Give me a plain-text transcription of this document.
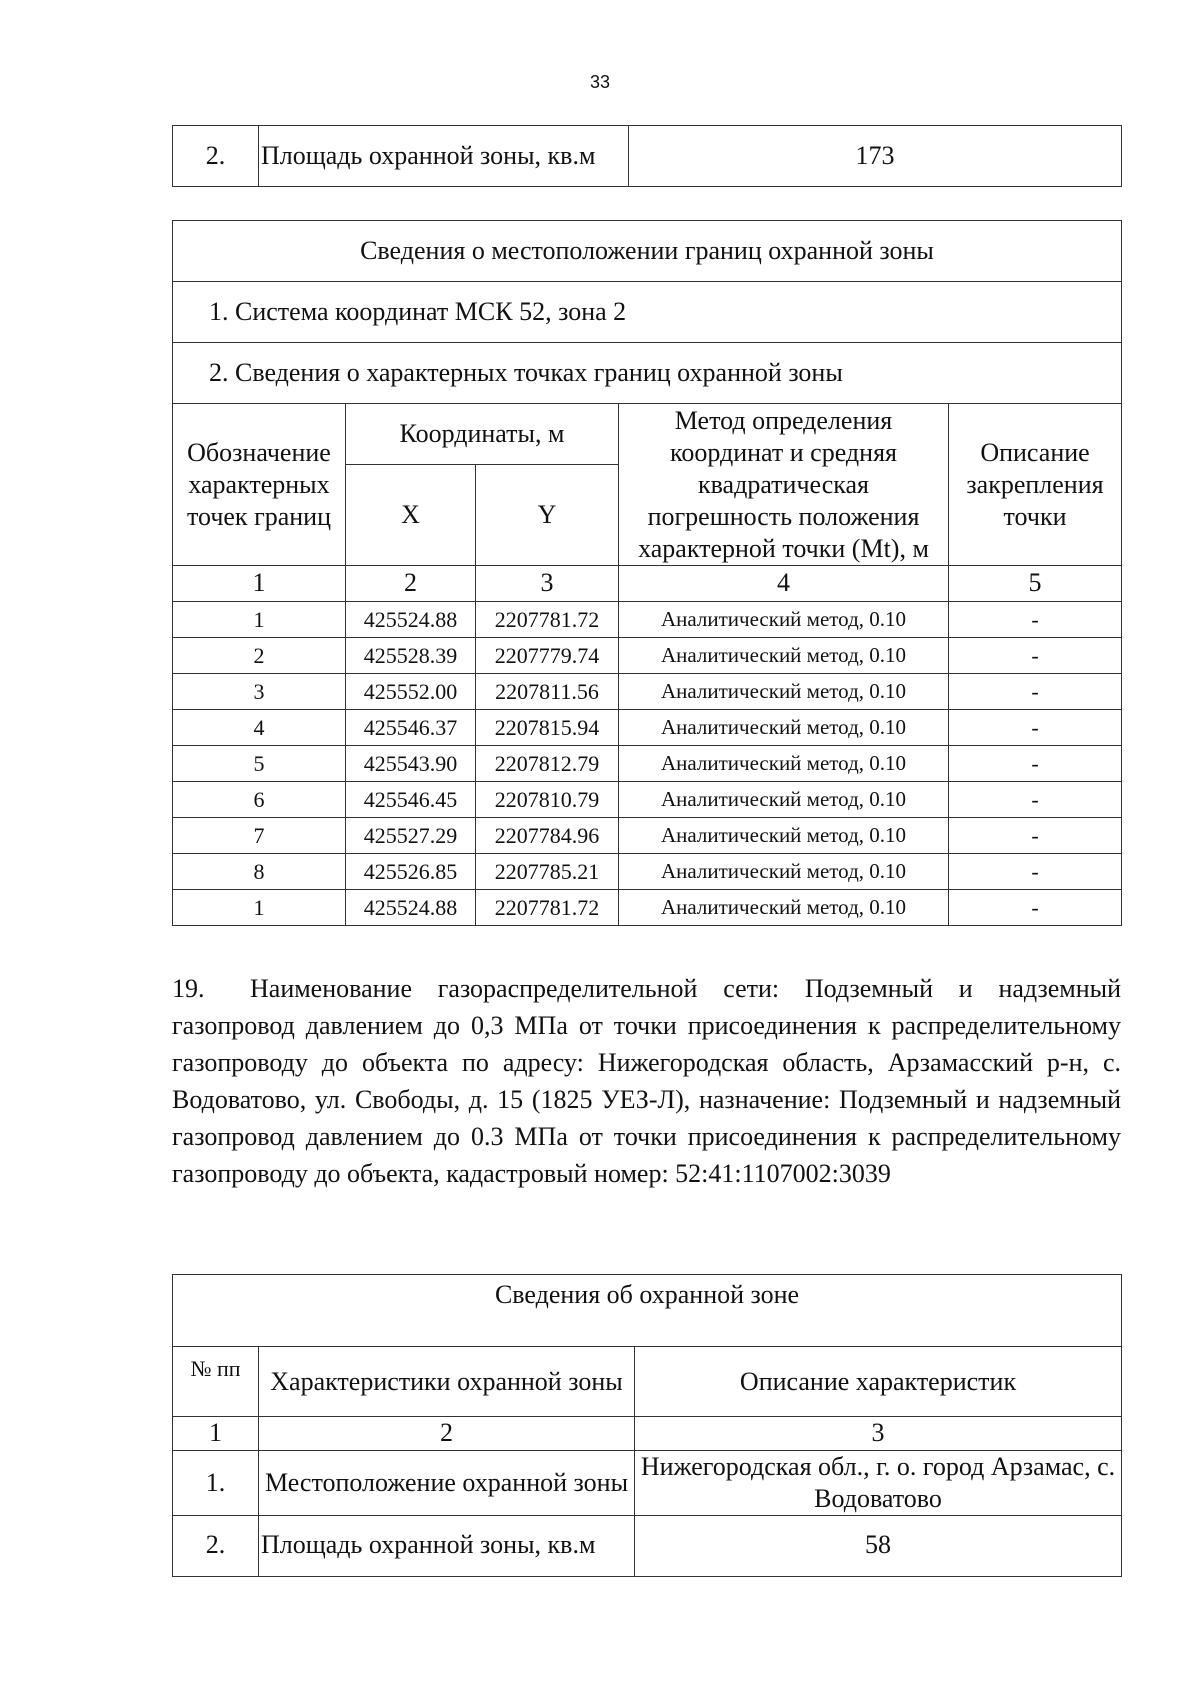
33
2.	Площадь охранной зоны, кв.м	173
Сведения о местоположении границ охранной зоны				
1. Система координат МСК 52, зона 2				
2. Сведения о характерных точках границ охранной зоны				
Обозначение характерных точек границ	Координаты, м		Метод определения координат и средняя квадратическая погрешность положения характерной точки (Mt), м	Описание закрепления точки
	X	Y		
1	2	3	4	5
1	425524.88	2207781.72	Аналитический метод, 0.10	-
2	425528.39	2207779.74	Аналитический метод, 0.10	-
3	425552.00	2207811.56	Аналитический метод, 0.10	-
4	425546.37	2207815.94	Аналитический метод, 0.10	-
5	425543.90	2207812.79	Аналитический метод, 0.10	-
6	425546.45	2207810.79	Аналитический метод, 0.10	-
7	425527.29	2207784.96	Аналитический метод, 0.10	-
8	425526.85	2207785.21	Аналитический метод, 0.10	-
1	425524.88	2207781.72	Аналитический метод, 0.10	-
19. Наименование газораспределительной сети: Подземный и надземный газопровод давлением до 0,3 МПа от точки присоединения к распределительному газопроводу до объекта по адресу: Нижегородская область, Арзамасский р-н, с. Водоватово, ул. Свободы, д. 15 (1825 УЕЗ-Л), назначение: Подземный и надземный газопровод давлением до 0.3 МПа от точки присоединения к распределительному газопроводу до объекта, кадастровый номер: 52:41:1107002:3039
Сведения об охранной зоне		
№ пп	Характеристики охранной зоны	Описание характеристик
1	2	3
1.	Местоположение охранной зоны	Нижегородская обл., г. о. город Арзамас, с. Водоватово
2.	Площадь охранной зоны, кв.м	58
